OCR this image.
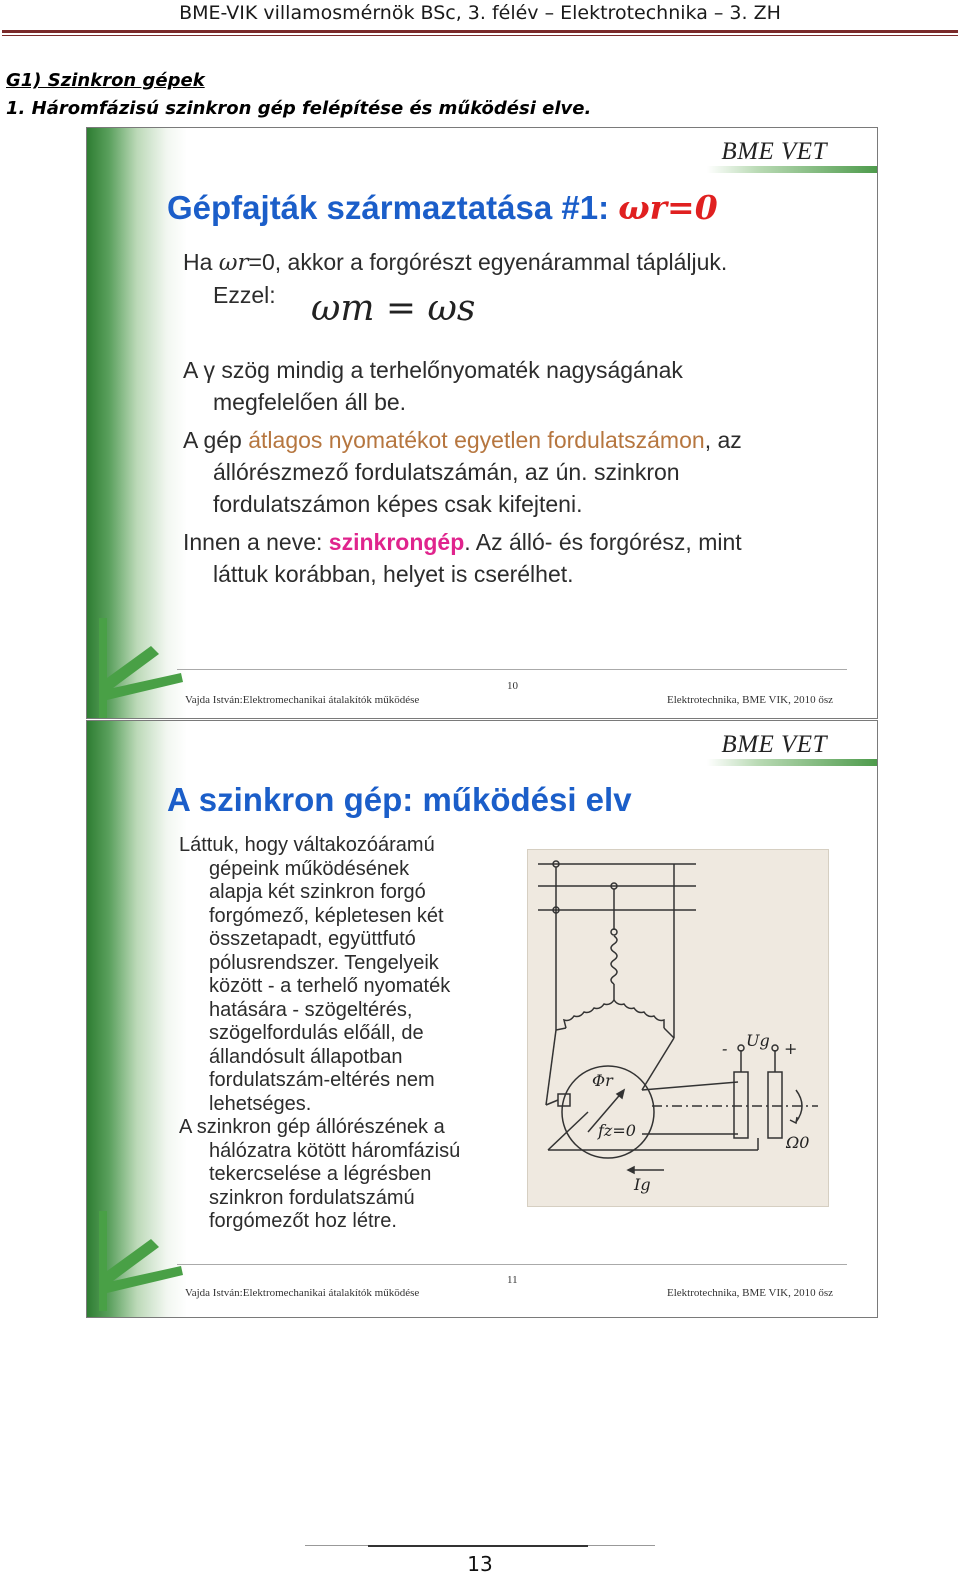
BME-VIK villamosmérnök BSc, 3. félév – Elektrotechnika – 3. ZH
G1) Szinkron gépek
1. Háromfázisú szinkron gép felépítése és működési elve.
BME VET
Gépfajták származtatása #1: ωr=0
Ha ωr=0, akkor a forgórészt egyenárammal tápláljuk.
Ezzel: ωm = ωs
A γ szög mindig a terhelőnyomaték nagyságának
megfelelően áll be.
A gép átlagos nyomatékot egyetlen fordulatszámon, az
állórészmező fordulatszámán, az ún. szinkron
fordulatszámon képes csak kifejteni.
Innen a neve: szinkrongép. Az álló- és forgórész, mint
láttuk korábban, helyet is cserélhet.
10
Vajda István:Elektromechanikai átalakítók működése	Elektrotechnika, BME VIK, 2010 ősz
BME VET
A szinkron gép: működési elv
Láttuk, hogy váltakozóáramú
gépeink működésének
alapja két szinkron forgó
forgómező, képletesen két
összetapadt, együttfutó
pólusrendszer. Tengelyeik
között - a terhelő nyomaték
hatására - szögeltérés,
szögelfordulás előáll, de
állandósult állapotban
fordulatszám-eltérés nem
lehetséges.
A szinkron gép állórészének a
hálózatra kötött háromfázisú
tekercselése a légrésben
szinkron fordulatszámú
forgómezőt hoz létre.
- Ug +
Φr
fz=0
Ω0
Ig
11
Vajda István:Elektromechanikai átalakítók működése	Elektrotechnika, BME VIK, 2010 ősz
13
